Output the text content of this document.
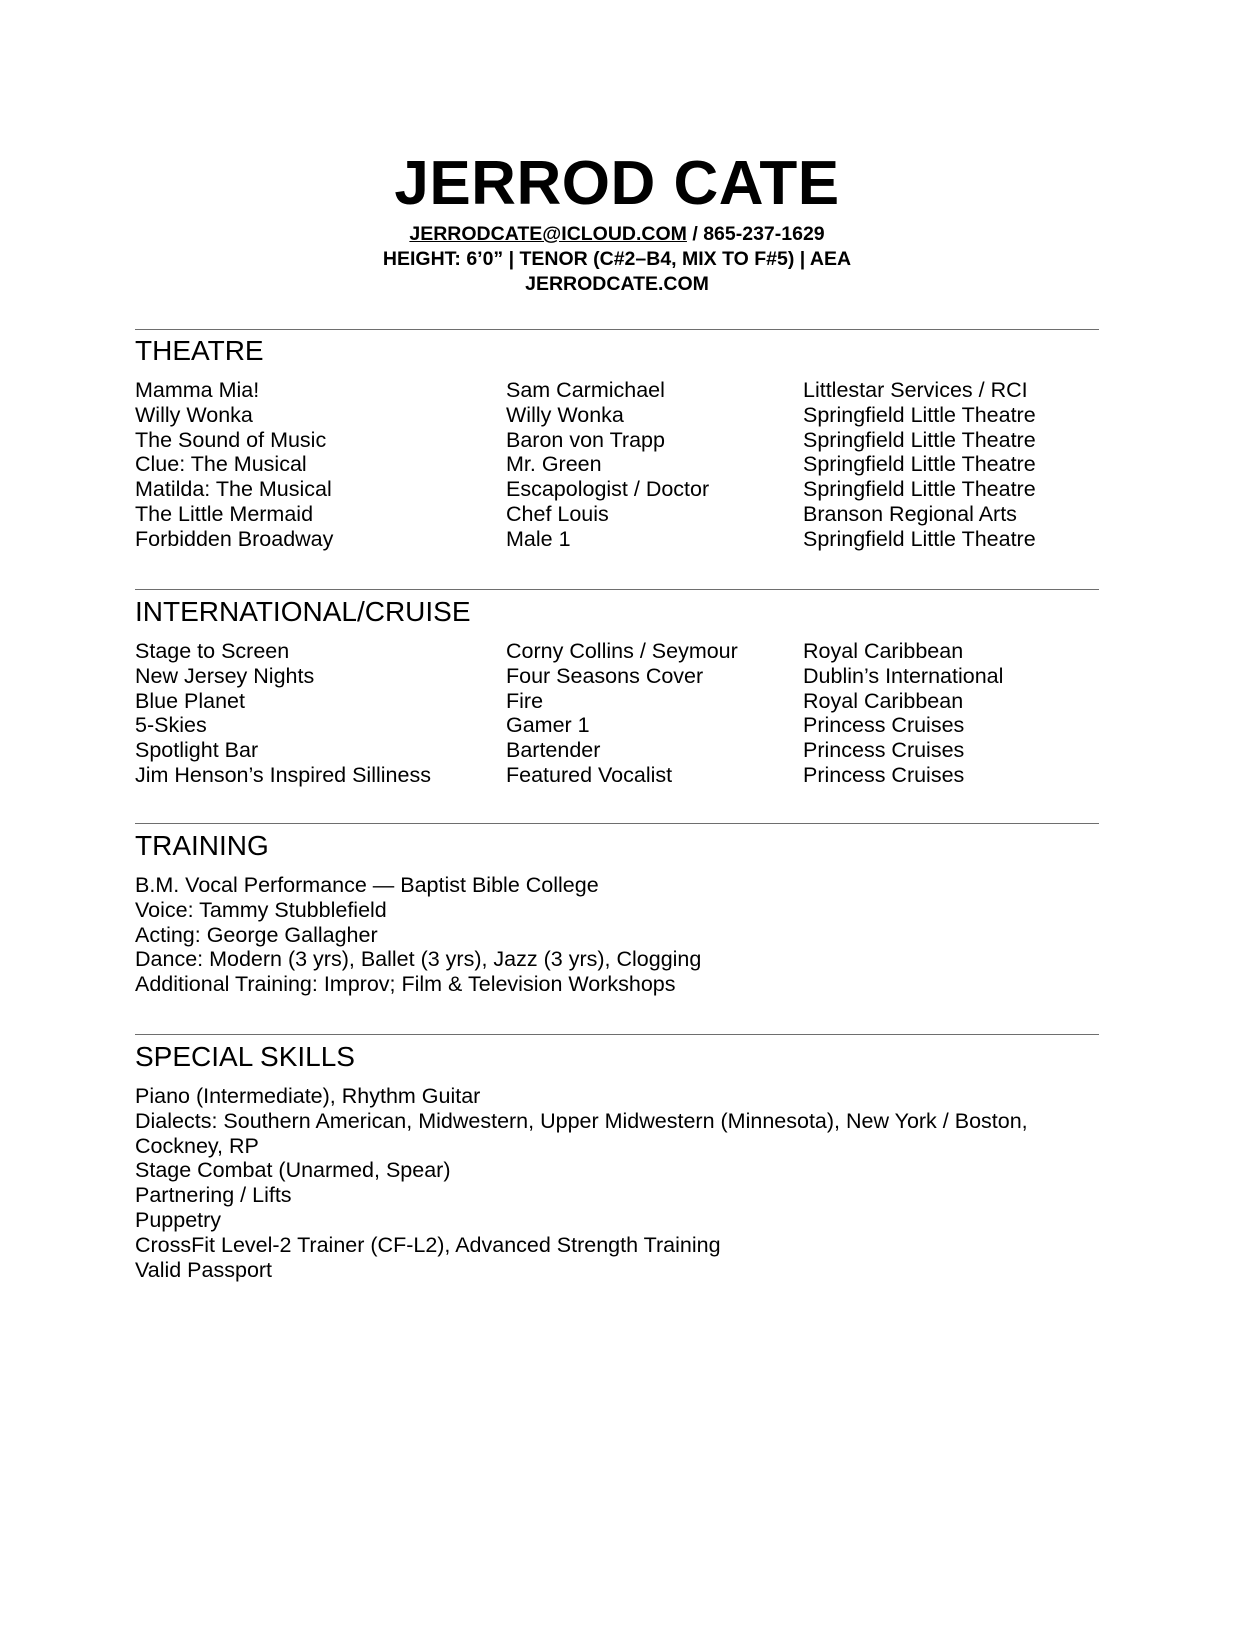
JERROD CATE
JERRODCATE@ICLOUD.COM / 865-237-1629
HEIGHT: 6’0” | TENOR (C#2–B4, MIX TO F#5) | AEA
JERRODCATE.COM
THEATRE
Mamma Mia!	Sam Carmichael	Littlestar Services / RCI
Willy Wonka	Willy Wonka	Springfield Little Theatre
The Sound of Music	Baron von Trapp	Springfield Little Theatre
Clue: The Musical	Mr. Green	Springfield Little Theatre
Matilda: The Musical	Escapologist / Doctor	Springfield Little Theatre
The Little Mermaid	Chef Louis	Branson Regional Arts
Forbidden Broadway	Male 1	Springfield Little Theatre
INTERNATIONAL/CRUISE
Stage to Screen	Corny Collins / Seymour	Royal Caribbean
New Jersey Nights	Four Seasons Cover	Dublin’s International
Blue Planet	Fire	Royal Caribbean
5-Skies	Gamer 1	Princess Cruises
Spotlight Bar	Bartender	Princess Cruises
Jim Henson’s Inspired Silliness	Featured Vocalist	Princess Cruises
TRAINING
B.M. Vocal Performance — Baptist Bible College
Voice: Tammy Stubblefield
Acting: George Gallagher
Dance: Modern (3 yrs), Ballet (3 yrs), Jazz (3 yrs), Clogging
Additional Training: Improv; Film & Television Workshops
SPECIAL SKILLS
Piano (Intermediate), Rhythm Guitar
Dialects: Southern American, Midwestern, Upper Midwestern (Minnesota), New York / Boston,
Cockney, RP
Stage Combat (Unarmed, Spear)
Partnering / Lifts
Puppetry
CrossFit Level-2 Trainer (CF-L2), Advanced Strength Training
Valid Passport
